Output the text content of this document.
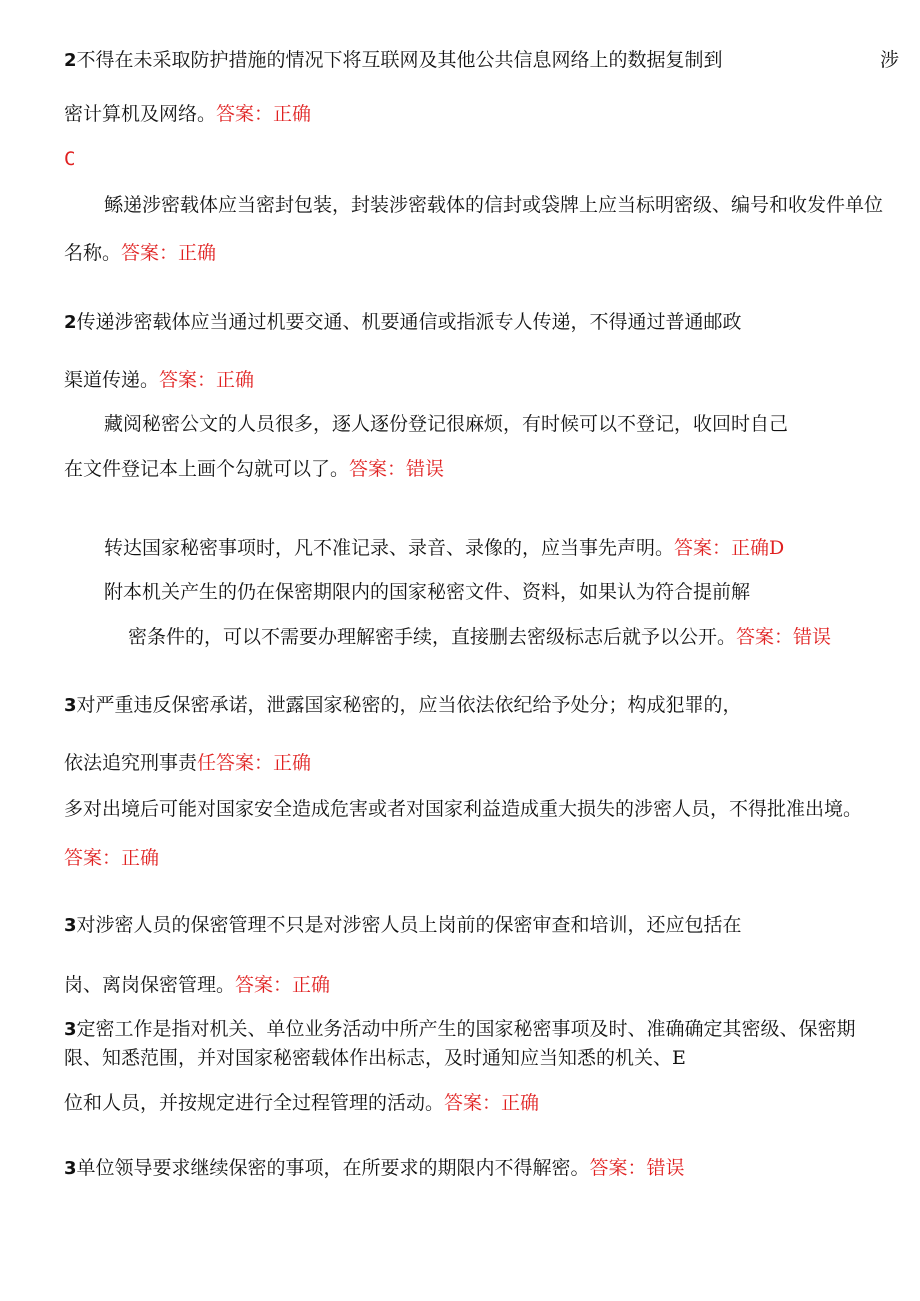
2不得在未采取防护措施的情况下将互联网及其他公共信息网络上的数据复制到	涉
密计算机及网络。答案：正确
C
鲧递涉密载体应当密封包装，封装涉密载体的信封或袋牌上应当标明密级、编号和收发件单位
名称。答案：正确
2传递涉密载体应当通过机要交通、机要通信或指派专人传递，不得通过普通邮政
渠道传递。答案：正确
藏阅秘密公文的人员很多，逐人逐份登记很麻烦，有时候可以不登记，收回时自己
在文件登记本上画个勾就可以了。答案：错误
转达国家秘密事项时，凡不准记录、录音、录像的，应当事先声明。答案：正确D
附本机关产生的仍在保密期限内的国家秘密文件、资料，如果认为符合提前解
密条件的，可以不需要办理解密手续，直接删去密级标志后就予以公开。答案：错误
3对严重违反保密承诺，泄露国家秘密的，应当依法依纪给予处分；构成犯罪的，
依法追究刑事责任答案：正确
多对出境后可能对国家安全造成危害或者对国家利益造成重大损失的涉密人员，不得批准出境。
答案：正确
3对涉密人员的保密管理不只是对涉密人员上岗前的保密审查和培训，还应包括在
岗、离岗保密管理。答案：正确
3定密工作是指对机关、单位业务活动中所产生的国家秘密事项及时、准确确定其密级、保密期
限、知悉范围，并对国家秘密载体作出标志，及时通知应当知悉的机关、E
位和人员，并按规定进行全过程管理的活动。答案：正确
3单位领导要求继续保密的事项，在所要求的期限内不得解密。答案：错误
